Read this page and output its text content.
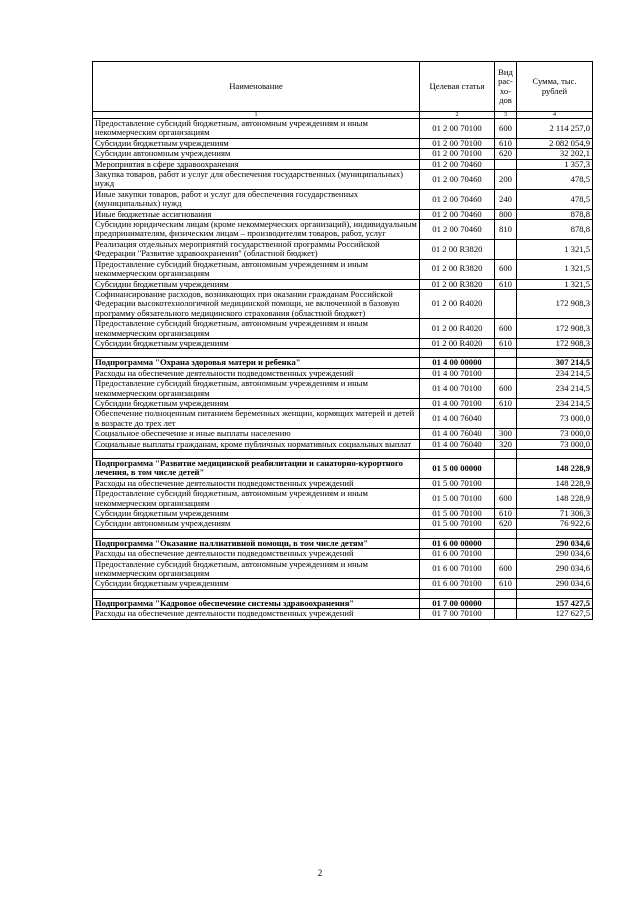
Наименование	Целевая статья	Вид
рас-
хо-
дов	Сумма, тыс. рублей
1	2	3	4
Предоставление субсидий бюджетным, автономным учреждениям и иным некоммерческим организациям	01 2 00 70100	600	2 114 257,0
Субсидии бюджетным учреждениям	01 2 00 70100	610	2 082 054,9
Субсидии автономным учреждениям	01 2 00 70100	620	32 202,1
Мероприятия в сфере здравоохранения	01 2 00 70460		1 357,3
Закупка товаров, работ и услуг для обеспечения государственных (муниципальных) нужд	01 2 00 70460	200	478,5
Иные закупки товаров, работ и услуг для обеспечения государственных (муниципальных) нужд	01 2 00 70460	240	478,5
Иные бюджетные ассигнования	01 2 00 70460	800	878,8
Субсидии юридическим лицам (кроме некоммерческих организаций), индивидуальным предпринимателям, физическим лицам – производителям товаров, работ, услуг	01 2 00 70460	810	878,8
Реализация отдельных мероприятий государственной программы Российской Федерации "Развитие здравоохранения" (областной бюджет)	01 2 00 R3820		1 321,5
Предоставление субсидий бюджетным, автономным учреждениям и иным некоммерческим организациям	01 2 00 R3820	600	1 321,5
Субсидии бюджетным учреждениям	01 2 00 R3820	610	1 321,5
Софинансирование расходов, возникающих при оказании гражданам Российской Федерации высокотехнологичной медицинской помощи, не включенной в базовую программу обязательного медицинского страхования (областной бюджет)	01 2 00 R4020		172 908,3
Предоставление субсидий бюджетным, автономным учреждениям и иным некоммерческим организациям	01 2 00 R4020	600	172 908,3
Субсидии бюджетным учреждениям	01 2 00 R4020	610	172 908,3

Подпрограмма "Охрана здоровья матери и ребенка"	01 4 00 00000		307 214,5
Расходы на обеспечение деятельности подведомственных учреждений	01 4 00 70100		234 214,5
Предоставление субсидий бюджетным, автономным учреждениям и иным некоммерческим организациям	01 4 00 70100	600	234 214,5
Субсидии бюджетным учреждениям	01 4 00 70100	610	234 214,5
Обеспечение полноценным питанием беременных женщин, кормящих матерей и детей в возрасте до трех лет	01 4 00 76040		73 000,0
Социальное обеспечение и иные выплаты населению	01 4 00 76040	300	73 000,0
Социальные выплаты гражданам, кроме публичных нормативных социальных выплат	01 4 00 76040	320	73 000,0

Подпрограмма "Развитие медицинской реабилитации и санаторно-курортного лечения, в том числе детей"	01 5 00 00000		148 228,9
Расходы на обеспечение деятельности подведомственных учреждений	01 5 00 70100		148 228,9
Предоставление субсидий бюджетным, автономным учреждениям и иным некоммерческим организациям	01 5 00 70100	600	148 228,9
Субсидии бюджетным учреждениям	01 5 00 70100	610	71 306,3
Субсидии автономным учреждениям	01 5 00 70100	620	76 922,6

Подпрограмма "Оказание паллиативной помощи, в том числе детям"	01 6 00 00000		290 034,6
Расходы на обеспечение деятельности подведомственных учреждений	01 6 00 70100		290 034,6
Предоставление субсидий бюджетным, автономным учреждениям и иным некоммерческим организациям	01 6 00 70100	600	290 034,6
Субсидии бюджетным учреждениям	01 6 00 70100	610	290 034,6

Подпрограмма "Кадровое обеспечение системы здравоохранения"	01 7 00 00000		157 427,5
Расходы на обеспечение деятельности подведомственных учреждений	01 7 00 70100		127 627,5
2
